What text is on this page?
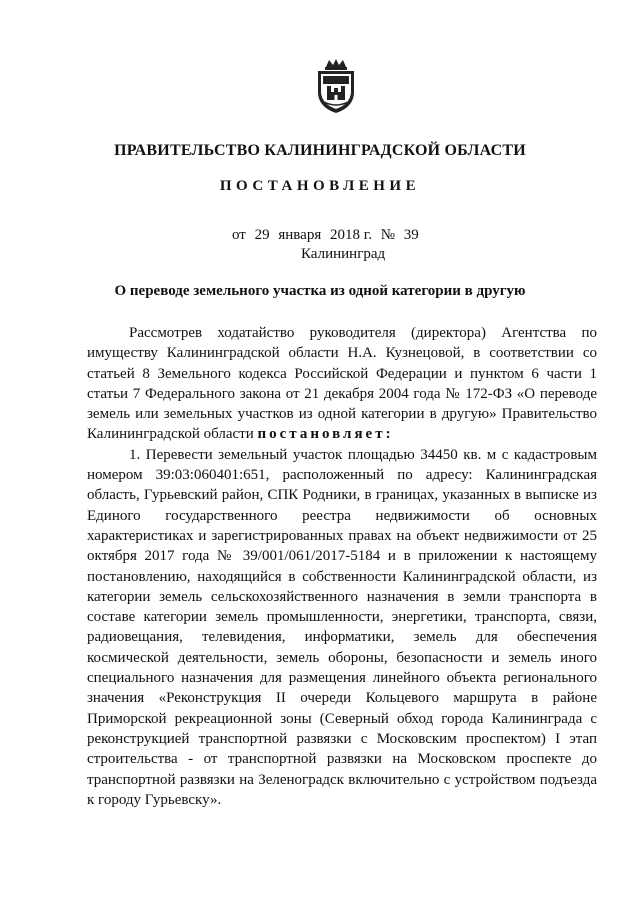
ПРАВИТЕЛЬСТВО КАЛИНИНГРАДСКОЙ ОБЛАСТИ
ПОСТАНОВЛЕНИЕ
от 29 января 2018 г. № 39
Калининград
О переводе земельного участка из одной категории в другую

Рассмотрев ходатайство руководителя (директора) Агентства по имуществу Калининградской области Н.А. Кузнецовой, в соответствии со статьей 8 Земельного кодекса Российской Федерации и пунктом 6 части 1 статьи 7 Федерального закона от 21 декабря 2004 года № 172-ФЗ «О переводе земель или земельных участков из одной категории в другую» Правительство Калининградской области постановляет:

1. Перевести земельный участок площадью 34450 кв. м с кадастровым номером 39:03:060401:651, расположенный по адресу: Калининградская область, Гурьевский район, СПК Родники, в границах, указанных в выписке из Единого государственного реестра недвижимости об основных характеристиках и зарегистрированных правах на объект недвижимости от 25 октября 2017 года № 39/001/061/2017-5184 и в приложении к настоящему постановлению, находящийся в собственности Калининградской области, из категории земель сельскохозяйственного назначения в земли транспорта в составе категории земель промышленности, энергетики, транспорта, связи, радиовещания, телевидения, информатики, земель для обеспечения космической деятельности, земель обороны, безопасности и земель иного специального назначения для размещения линейного объекта регионального значения «Реконструкция II очереди Кольцевого маршрута в районе Приморской рекреационной зоны (Северный обход города Калининграда с реконструкцией транспортной развязки с Московским проспектом) I этап строительства - от транспортной развязки на Московском проспекте до транспортной развязки на Зеленоградск включительно с устройством подъезда к городу Гурьевску».
